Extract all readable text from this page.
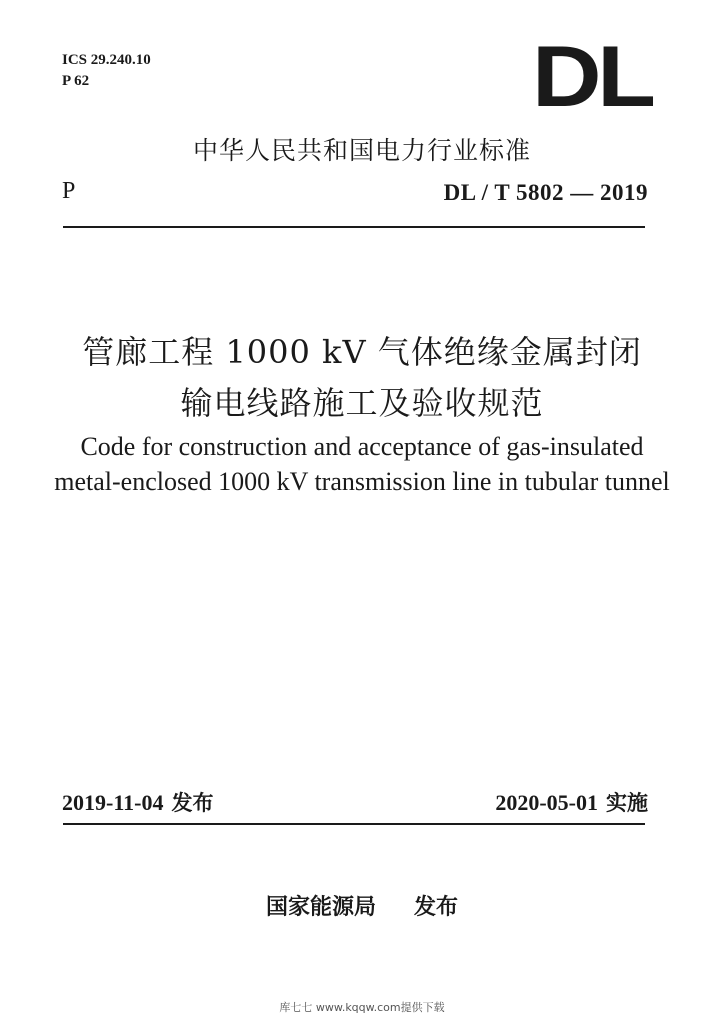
ICS 29.240.10
P 62	DL
中华人民共和国电力行业标准
P	DL / T 5802 — 2019
管廊工程 1000 kV 气体绝缘金属封闭
输电线路施工及验收规范
Code for construction and acceptance of gas-insulated
metal-enclosed 1000 kV transmission line in tubular tunnel
2019-11-04 发布	2020-05-01 实施
国家能源局 发布
库七七 www.kqqw.com提供下载
